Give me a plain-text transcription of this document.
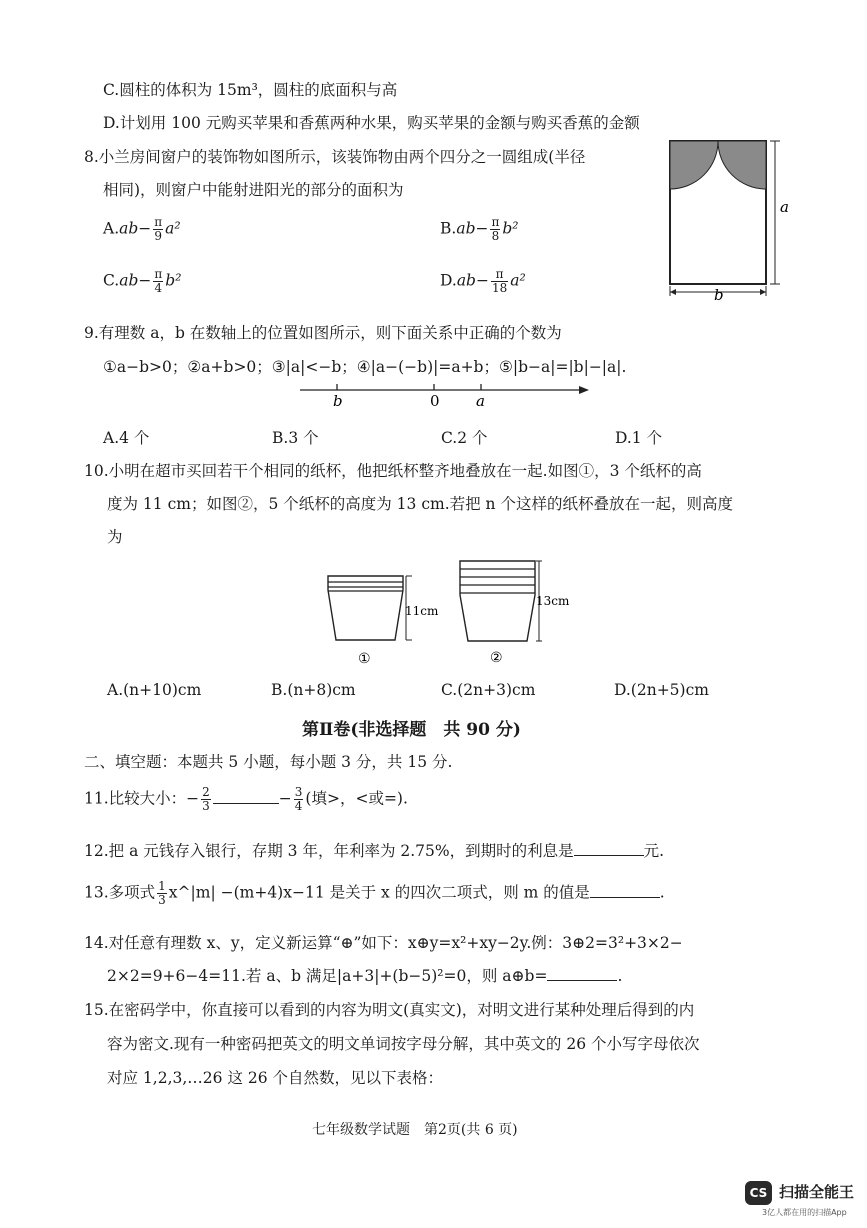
C.圆柱的体积为 15m³，圆柱的底面积与高
D.计划用 100 元购买苹果和香蕉两种水果，购买苹果的金额与购买香蕉的金额
8.小兰房间窗户的装饰物如图所示，该装饰物由两个四分之一圆组成(半径
相同)，则窗户中能射进阳光的部分的面积为
$A.ab- \frac{\pi}{9} a^2$	$B.ab- \frac{\pi}{8} b^2$
$C.ab- \frac{\pi}{4} b^2$	$D.ab- \frac{\pi}{18} a^2$
a
b
9.有理数 a，b 在数轴上的位置如图所示，则下面关系中正确的个数为
①a−b>0；②a+b>0；③|a|<−b；④|a−(−b)|=a+b；⑤|b−a|=|b|−|a|.
b	0 a
A.4 个	B.3 个	C.2 个	D.1 个
10.小明在超市买回若干个相同的纸杯，他把纸杯整齐地叠放在一起.如图①，3 个纸杯的高
度为 11 cm；如图②，5 个纸杯的高度为 13 cm.若把 n 个这样的纸杯叠放在一起，则高度
为
11cm
①
13cm
②
A.(n+10)cm	B.(n+8)cm	C.(2n+3)cm	D.(2n+5)cm
第Ⅱ卷(非选择题　共 90 分)
二、填空题：本题共 5 小题，每小题 3 分，共 15 分.
11.比较大小：− $\frac{2}{3}$	− $\frac{3}{4}$ (填>，<或=).
12.把 a 元钱存入银行，存期 3 年，年利率为 2.75%，到期时的利息是	元.
13.多项式 $\frac{1}{3}$ x^|m| −(m+4)x−11 是关于 x 的四次二项式，则 m 的值是	.
14.对任意有理数 x、y，定义新运算“⊕”如下：x⊕y=x²+xy−2y.例：3⊕2=3²+3×2−
2×2=9+6−4=11.若 a、b 满足|a+3|+(b−5)²=0，则 a⊕b=	.
15.在密码学中，你直接可以看到的内容为明文(真实文)，对明文进行某种处理后得到的内
容为密文.现有一种密码把英文的明文单词按字母分解，其中英文的 26 个小写字母依次
对应 1,2,3,…26 这 26 个自然数，见以下表格：
七年级数学试题　第2页(共 6 页)
CS 扫描全能王
3亿人都在用的扫描App
